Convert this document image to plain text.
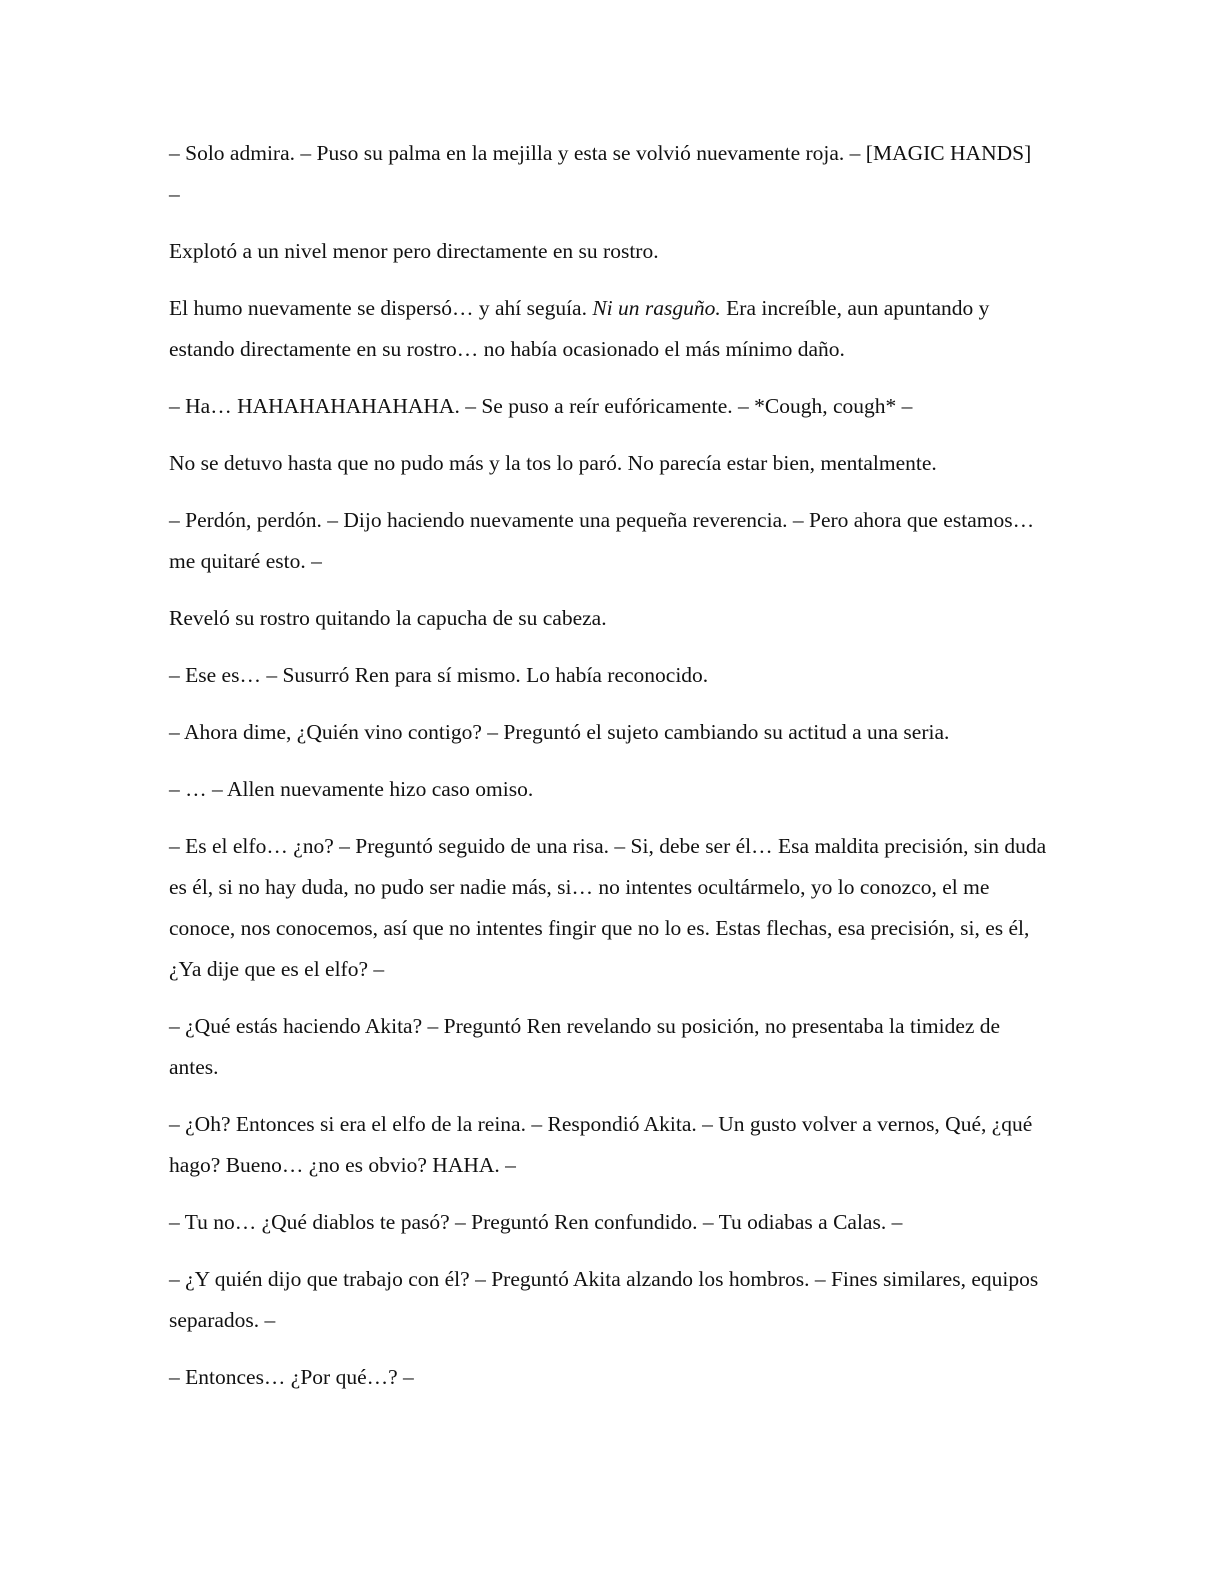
– Solo admira. – Puso su palma en la mejilla y esta se volvió nuevamente roja. – [MAGIC HANDS] –

Explotó a un nivel menor pero directamente en su rostro.

El humo nuevamente se dispersó… y ahí seguía. Ni un rasguño. Era increíble, aun apuntando y estando directamente en su rostro… no había ocasionado el más mínimo daño.

– Ha… HAHAHAHAHAHAHA. – Se puso a reír eufóricamente. – *Cough, cough* –

No se detuvo hasta que no pudo más y la tos lo paró. No parecía estar bien, mentalmente.

– Perdón, perdón. – Dijo haciendo nuevamente una pequeña reverencia. – Pero ahora que estamos… me quitaré esto. –

Reveló su rostro quitando la capucha de su cabeza.

– Ese es… – Susurró Ren para sí mismo. Lo había reconocido.

– Ahora dime, ¿Quién vino contigo? – Preguntó el sujeto cambiando su actitud a una seria.

– … – Allen nuevamente hizo caso omiso.

– Es el elfo… ¿no? – Preguntó seguido de una risa. – Si, debe ser él… Esa maldita precisión, sin duda es él, si no hay duda, no pudo ser nadie más, si… no intentes ocultármelo, yo lo conozco, el me conoce, nos conocemos, así que no intentes fingir que no lo es. Estas flechas, esa precisión, si, es él, ¿Ya dije que es el elfo? –

– ¿Qué estás haciendo Akita? – Preguntó Ren revelando su posición, no presentaba la timidez de antes.

– ¿Oh? Entonces si era el elfo de la reina. – Respondió Akita. – Un gusto volver a vernos, Qué, ¿qué hago? Bueno… ¿no es obvio? HAHA. –

– Tu no… ¿Qué diablos te pasó? – Preguntó Ren confundido. – Tu odiabas a Calas. –

– ¿Y quién dijo que trabajo con él? – Preguntó Akita alzando los hombros. – Fines similares, equipos separados. –

– Entonces… ¿Por qué…? –
